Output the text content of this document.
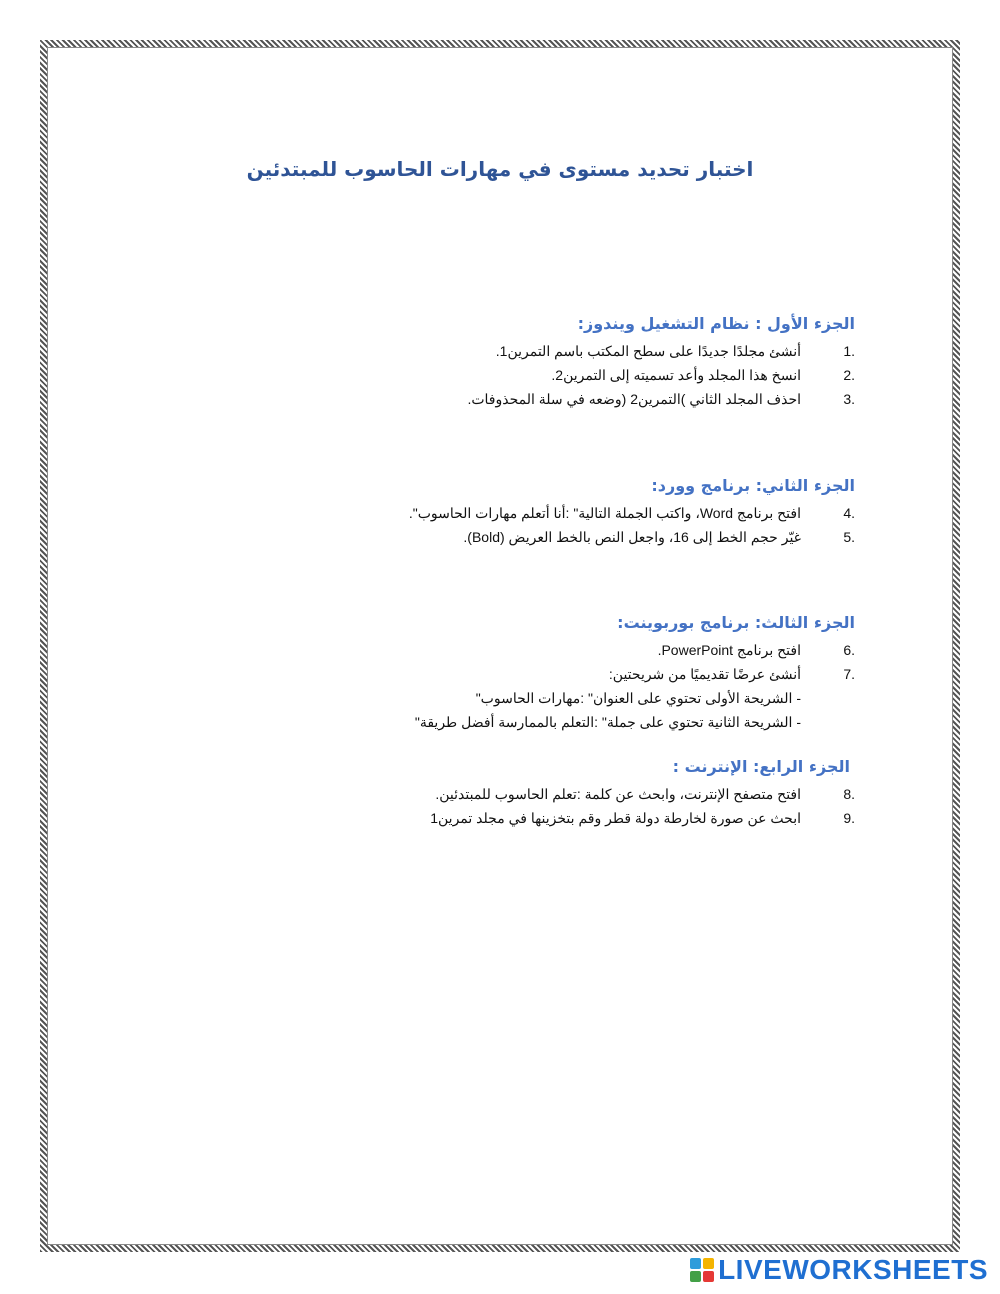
اختبار تحديد مستوى في مهارات الحاسوب للمبتدئين
الجزء الأول : نظام التشغيل ويندوز:
1.
أنشئ مجلدًا جديدًا على سطح المكتب باسم التمرين1.
2.
انسخ هذا المجلد وأعد تسميته إلى التمرين2.
3.
احذف المجلد الثاني )التمرين2 (وضعه في سلة المحذوفات.
الجزء الثاني: برنامج وورد:
4.
افتح برنامج Word، واكتب الجملة التالية" :أنا أتعلم مهارات الحاسوب".
5.
غيّر حجم الخط إلى 16، واجعل النص بالخط العريض (Bold).
الجزء الثالث: برنامج بوربوينت:
6.
افتح برنامج PowerPoint.
7.
أنشئ عرضًا تقديميًا من شريحتين:
- الشريحة الأولى تحتوي على العنوان" :مهارات الحاسوب"
- الشريحة الثانية تحتوي على جملة" :التعلم بالممارسة أفضل طريقة"
الجزء الرابع: الإنترنت :
8.
افتح متصفح الإنترنت، وابحث عن كلمة :تعلم الحاسوب للمبتدئين.
9.
ابحث عن صورة لخارطة دولة قطر وقم بتخزينها في مجلد تمرين1
LIVEWORKSHEETS
